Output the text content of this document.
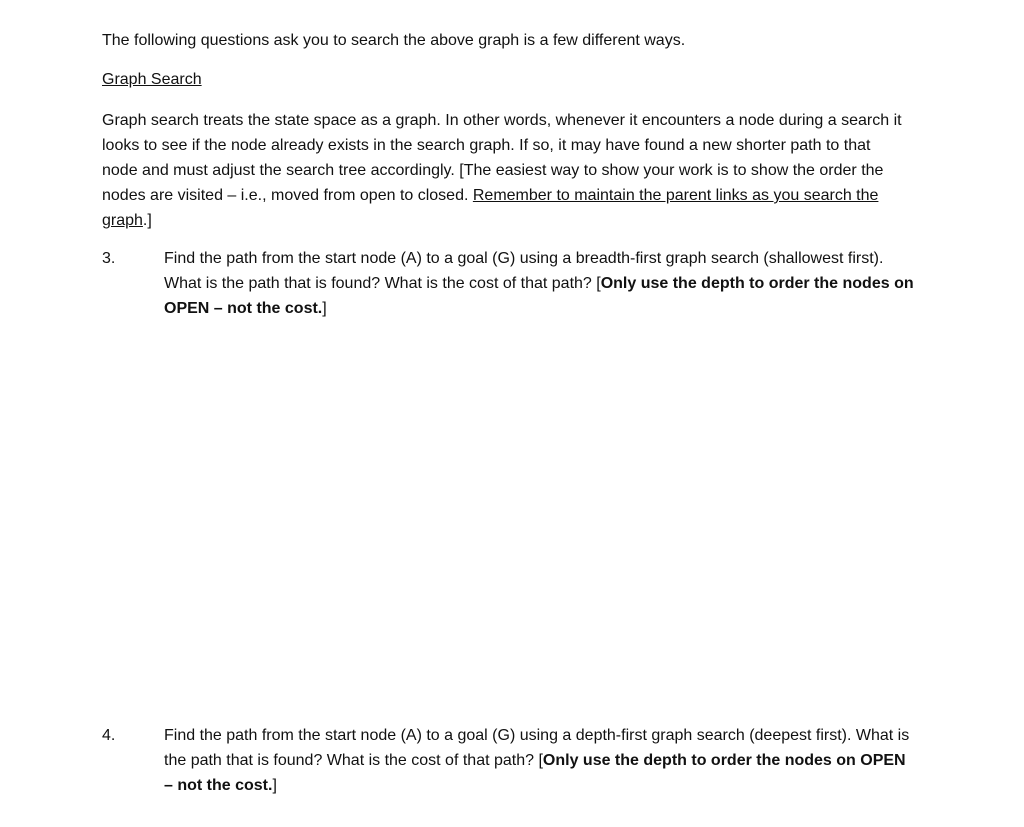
The following questions ask you to search the above graph is a few different ways.
Graph Search
Graph search treats the state space as a graph. In other words, whenever it encounters a node during a search it looks to see if the node already exists in the search graph. If so, it may have found a new shorter path to that node and must adjust the search tree accordingly. [The easiest way to show your work is to show the order the nodes are visited – i.e., moved from open to closed. Remember to maintain the parent links as you search the graph.]
3.	Find the path from the start node (A) to a goal (G) using a breadth-first graph search (shallowest first). What is the path that is found? What is the cost of that path? [Only use the depth to order the nodes on OPEN – not the cost.]
4.	Find the path from the start node (A) to a goal (G) using a depth-first graph search (deepest first). What is the path that is found? What is the cost of that path? [Only use the depth to order the nodes on OPEN – not the cost.]
